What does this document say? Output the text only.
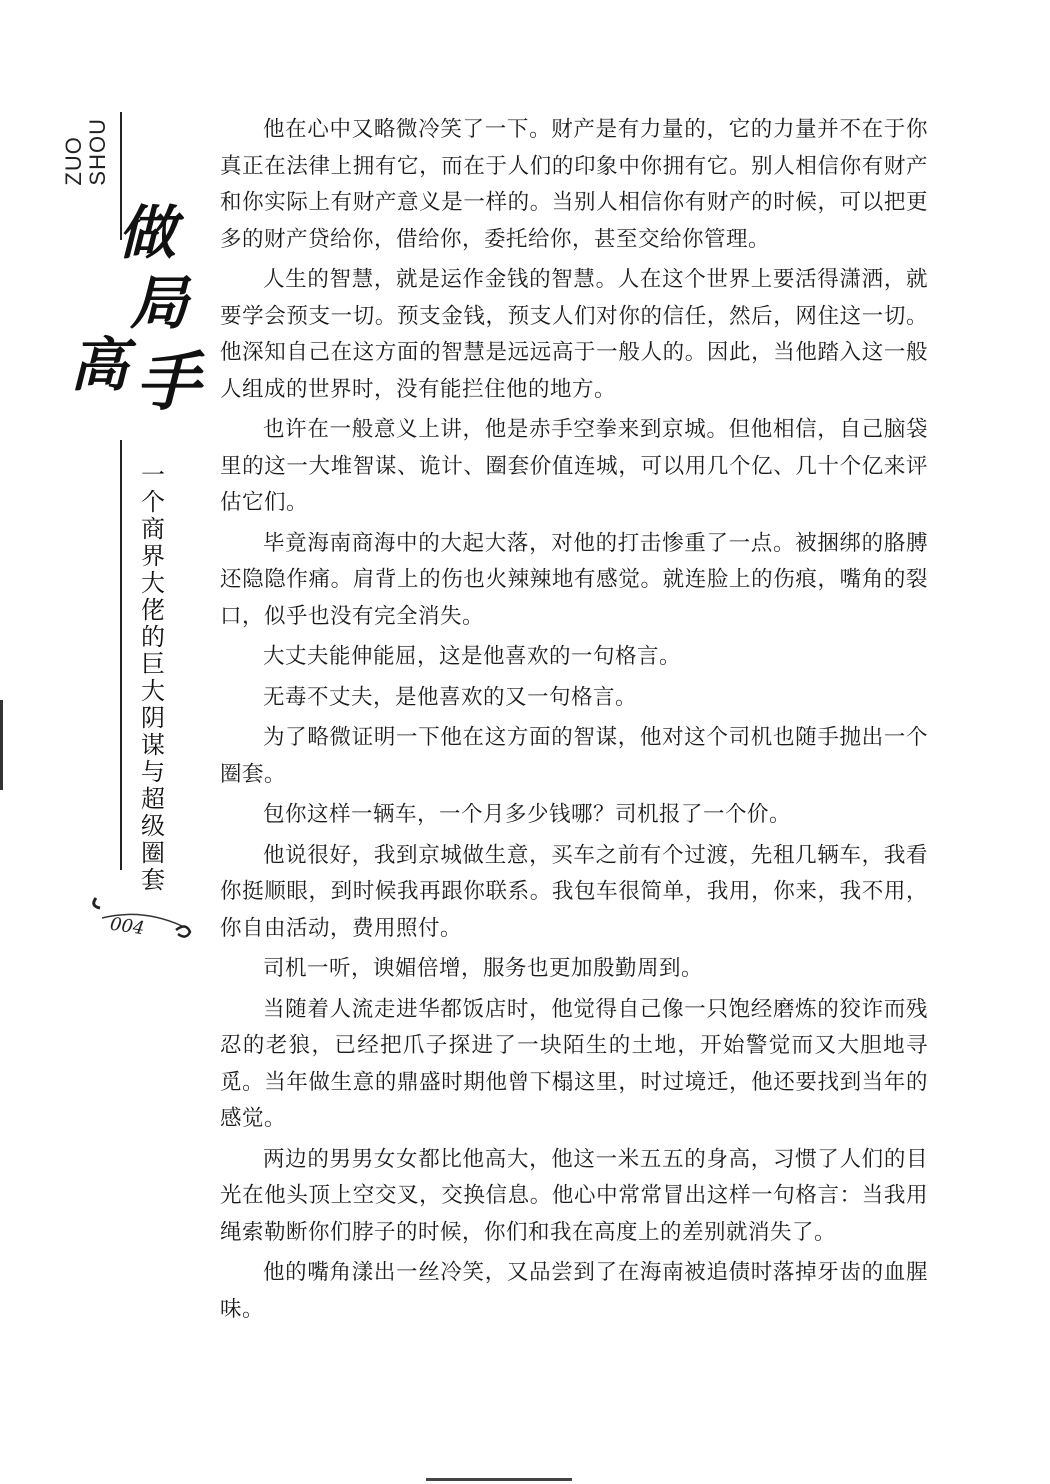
ZUO SHOU
做
局
高 手
一个商界大佬的巨大阴谋与超级圈套
004

他在心中又略微冷笑了一下。财产是有力量的，它的力量并不在于你真正在法律上拥有它，而在于人们的印象中你拥有它。别人相信你有财产和你实际上有财产意义是一样的。当别人相信你有财产的时候，可以把更多的财产贷给你，借给你，委托给你，甚至交给你管理。

人生的智慧，就是运作金钱的智慧。人在这个世界上要活得潇洒，就要学会预支一切。预支金钱，预支人们对你的信任，然后，网住这一切。他深知自己在这方面的智慧是远远高于一般人的。因此，当他踏入这一般人组成的世界时，没有能拦住他的地方。

也许在一般意义上讲，他是赤手空拳来到京城。但他相信，自己脑袋里的这一大堆智谋、诡计、圈套价值连城，可以用几个亿、几十个亿来评估它们。

毕竟海南商海中的大起大落，对他的打击惨重了一点。被捆绑的胳膊还隐隐作痛。肩背上的伤也火辣辣地有感觉。就连脸上的伤痕，嘴角的裂口，似乎也没有完全消失。

大丈夫能伸能屈，这是他喜欢的一句格言。

无毒不丈夫，是他喜欢的又一句格言。

为了略微证明一下他在这方面的智谋，他对这个司机也随手抛出一个圈套。

包你这样一辆车，一个月多少钱哪？司机报了一个价。

他说很好，我到京城做生意，买车之前有个过渡，先租几辆车，我看你挺顺眼，到时候我再跟你联系。我包车很简单，我用，你来，我不用，你自由活动，费用照付。

司机一听，谀媚倍增，服务也更加殷勤周到。

当随着人流走进华都饭店时，他觉得自己像一只饱经磨炼的狡诈而残忍的老狼，已经把爪子探进了一块陌生的土地，开始警觉而又大胆地寻觅。当年做生意的鼎盛时期他曾下榻这里，时过境迁，他还要找到当年的感觉。

两边的男男女女都比他高大，他这一米五五的身高，习惯了人们的目光在他头顶上空交叉，交换信息。他心中常常冒出这样一句格言：当我用绳索勒断你们脖子的时候，你们和我在高度上的差别就消失了。

他的嘴角漾出一丝冷笑，又品尝到了在海南被追债时落掉牙齿的血腥味。
